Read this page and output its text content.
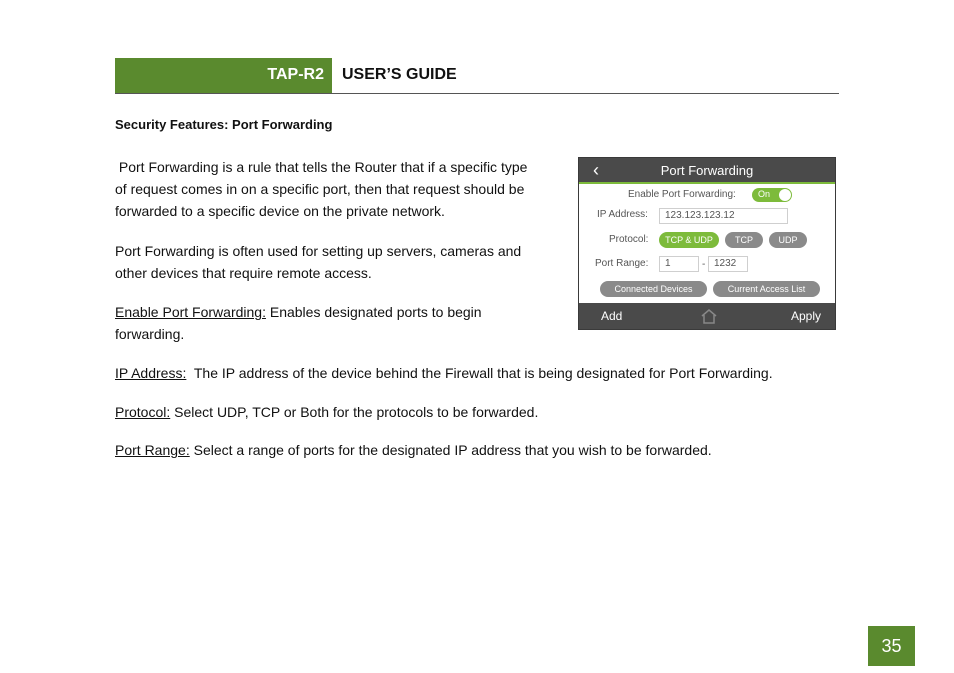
TAP-R2 USER’S GUIDE
Security Features: Port Forwarding
Port Forwarding is a rule that tells the Router that if a specific type
of request comes in on a specific port, then that request should be
forwarded to a specific device on the private network.
Port Forwarding is often used for setting up servers, cameras and
other devices that require remote access.
Enable Port Forwarding: Enables designated ports to begin
forwarding.
IP Address:  The IP address of the device behind the Firewall that is being designated for Port Forwarding.
Protocol: Select UDP, TCP or Both for the protocols to be forwarded.
Port Range: Select a range of ports for the designated IP address that you wish to be forwarded.
‹	Port Forwarding
Enable Port Forwarding: On
IP Address:	123.123.123.12
Protocol:	TCP & UDP	TCP	UDP
Port Range:	1	- 1232
Connected Devices	Current Access List
Add	Apply
35
